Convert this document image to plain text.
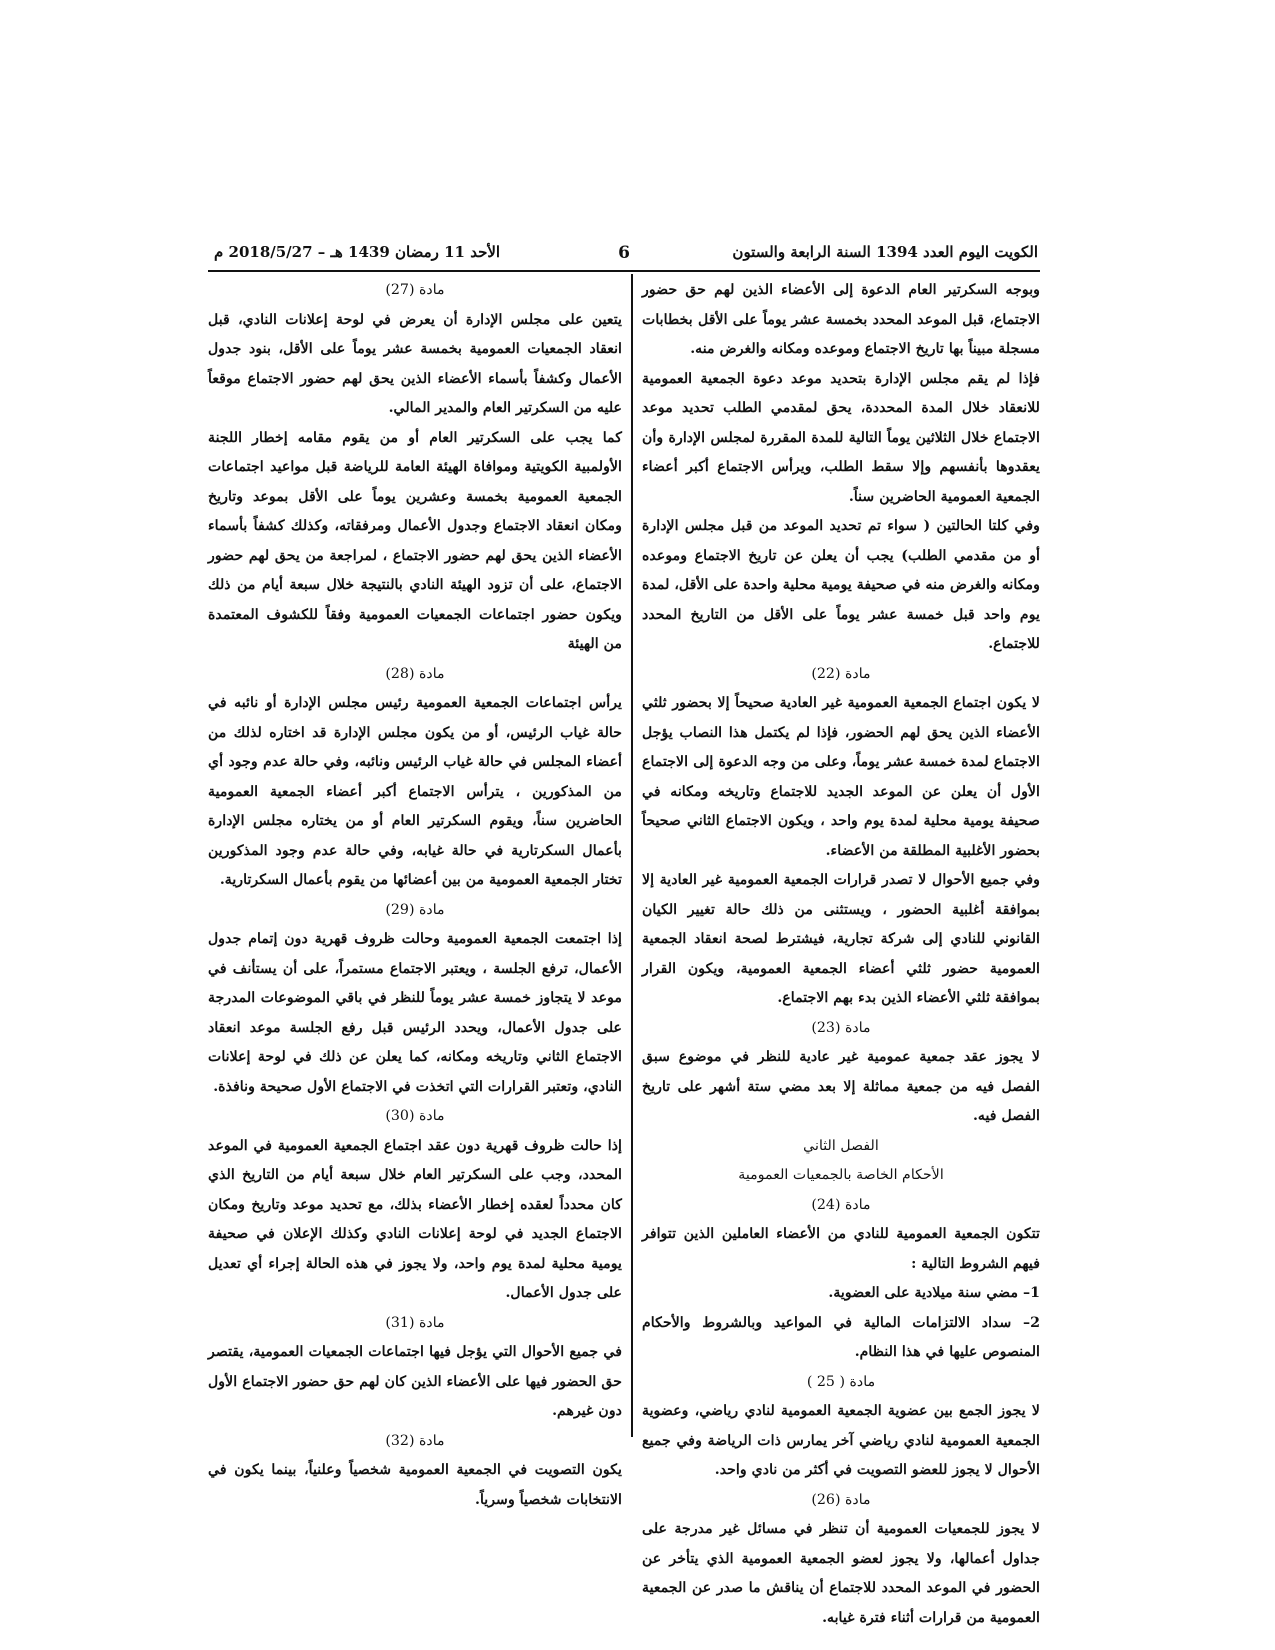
الكويت اليوم العدد 1394 السنة الرابعة والستون
6
الأحد 11 رمضان 1439 هـ – 2018/5/27 م

وبوجه السكرتير العام الدعوة إلى الأعضاء الذين لهم حق حضور الاجتماع، قبل الموعد المحدد بخمسة عشر يوماً على الأقل بخطابات مسجلة مبيناً بها تاريخ الاجتماع وموعده ومكانه والغرض منه.

فإذا لم يقم مجلس الإدارة بتحديد موعد دعوة الجمعية العمومية للانعقاد خلال المدة المحددة، يحق لمقدمي الطلب تحديد موعد الاجتماع خلال الثلاثين يوماً التالية للمدة المقررة لمجلس الإدارة وأن يعقدوها بأنفسهم وإلا سقط الطلب، ويرأس الاجتماع أكبر أعضاء الجمعية العمومية الحاضرين سناً.

وفي كلتا الحالتين ( سواء تم تحديد الموعد من قبل مجلس الإدارة أو من مقدمي الطلب) يجب أن يعلن عن تاريخ الاجتماع وموعده ومكانه والغرض منه في صحيفة يومية محلية واحدة على الأقل، لمدة يوم واحد قبل خمسة عشر يوماً على الأقل من التاريخ المحدد للاجتماع.

مادة (22)

لا يكون اجتماع الجمعية العمومية غير العادية صحيحاً إلا بحضور ثلثي الأعضاء الذين يحق لهم الحضور، فإذا لم يكتمل هذا النصاب يؤجل الاجتماع لمدة خمسة عشر يوماً، وعلى من وجه الدعوة إلى الاجتماع الأول أن يعلن عن الموعد الجديد للاجتماع وتاريخه ومكانه في صحيفة يومية محلية لمدة يوم واحد ، ويكون الاجتماع الثاني صحيحاً بحضور الأغلبية المطلقة من الأعضاء.

وفي جميع الأحوال لا تصدر قرارات الجمعية العمومية غير العادية إلا بموافقة أغلبية الحضور ، ويستثنى من ذلك حالة تغيير الكيان القانوني للنادي إلى شركة تجارية، فيشترط لصحة انعقاد الجمعية العمومية حضور ثلثي أعضاء الجمعية العمومية، ويكون القرار بموافقة ثلثي الأعضاء الذين بدء بهم الاجتماع.

مادة (23)

لا يجوز عقد جمعية عمومية غير عادية للنظر في موضوع سبق الفصل فيه من جمعية مماثلة إلا بعد مضي ستة أشهر على تاريخ الفصل فيه.

الفصل الثاني

الأحكام الخاصة بالجمعيات العمومية

مادة (24)

تتكون الجمعية العمومية للنادي من الأعضاء العاملين الذين تتوافر فيهم الشروط التالية :

1– مضي سنة ميلادية على العضوية.

2– سداد الالتزامات المالية في المواعيد وبالشروط والأحكام المنصوص عليها في هذا النظام.

مادة ( 25 )

لا يجوز الجمع بين عضوية الجمعية العمومية لنادي رياضي، وعضوية الجمعية العمومية لنادي رياضي آخر يمارس ذات الرياضة وفي جميع الأحوال لا يجوز للعضو التصويت في أكثر من نادي واحد.

مادة (26)

لا يجوز للجمعيات العمومية أن تنظر في مسائل غير مدرجة على جداول أعمالها، ولا يجوز لعضو الجمعية العمومية الذي يتأخر عن الحضور في الموعد المحدد للاجتماع أن يناقش ما صدر عن الجمعية العمومية من قرارات أثناء فترة غيابه.

مادة (27)

يتعين على مجلس الإدارة أن يعرض في لوحة إعلانات النادي، قبل انعقاد الجمعيات العمومية بخمسة عشر يوماً على الأقل، بنود جدول الأعمال وكشفاً بأسماء الأعضاء الذين يحق لهم حضور الاجتماع موقعاً عليه من السكرتير العام والمدير المالي.

كما يجب على السكرتير العام أو من يقوم مقامه إخطار اللجنة الأولمبية الكويتية وموافاة الهيئة العامة للرياضة قبل مواعيد اجتماعات الجمعية العمومية بخمسة وعشرين يوماً على الأقل بموعد وتاريخ ومكان انعقاد الاجتماع وجدول الأعمال ومرفقاته، وكذلك كشفاً بأسماء الأعضاء الذين يحق لهم حضور الاجتماع ، لمراجعة من يحق لهم حضور الاجتماع، على أن تزود الهيئة النادي بالنتيجة خلال سبعة أيام من ذلك ويكون حضور اجتماعات الجمعيات العمومية وفقاً للكشوف المعتمدة من الهيئة

مادة (28)

يرأس اجتماعات الجمعية العمومية رئيس مجلس الإدارة أو نائبه في حالة غياب الرئيس، أو من يكون مجلس الإدارة قد اختاره لذلك من أعضاء المجلس في حالة غياب الرئيس ونائبه، وفي حالة عدم وجود أي من المذكورين ، يترأس الاجتماع أكبر أعضاء الجمعية العمومية الحاضرين سناً، ويقوم السكرتير العام أو من يختاره مجلس الإدارة بأعمال السكرتارية في حالة غيابه، وفي حالة عدم وجود المذكورين تختار الجمعية العمومية من بين أعضائها من يقوم بأعمال السكرتارية.

مادة (29)

إذا اجتمعت الجمعية العمومية وحالت ظروف قهرية دون إتمام جدول الأعمال، ترفع الجلسة ، ويعتبر الاجتماع مستمراً، على أن يستأنف في موعد لا يتجاوز خمسة عشر يوماً للنظر في باقي الموضوعات المدرجة على جدول الأعمال، ويحدد الرئيس قبل رفع الجلسة موعد انعقاد الاجتماع الثاني وتاريخه ومكانه، كما يعلن عن ذلك في لوحة إعلانات النادي، وتعتبر القرارات التي اتخذت في الاجتماع الأول صحيحة ونافذة.

مادة (30)

إذا حالت ظروف قهرية دون عقد اجتماع الجمعية العمومية في الموعد المحدد، وجب على السكرتير العام خلال سبعة أيام من التاريخ الذي كان محدداً لعقده إخطار الأعضاء بذلك، مع تحديد موعد وتاريخ ومكان الاجتماع الجديد في لوحة إعلانات النادي وكذلك الإعلان في صحيفة يومية محلية لمدة يوم واحد، ولا يجوز في هذه الحالة إجراء أي تعديل على جدول الأعمال.

مادة (31)

في جميع الأحوال التي يؤجل فيها اجتماعات الجمعيات العمومية، يقتصر حق الحضور فيها على الأعضاء الذين كان لهم حق حضور الاجتماع الأول دون غيرهم.

مادة (32)

يكون التصويت في الجمعية العمومية شخصياً وعلنياً، بينما يكون في الانتخابات شخصياً وسرياً.
